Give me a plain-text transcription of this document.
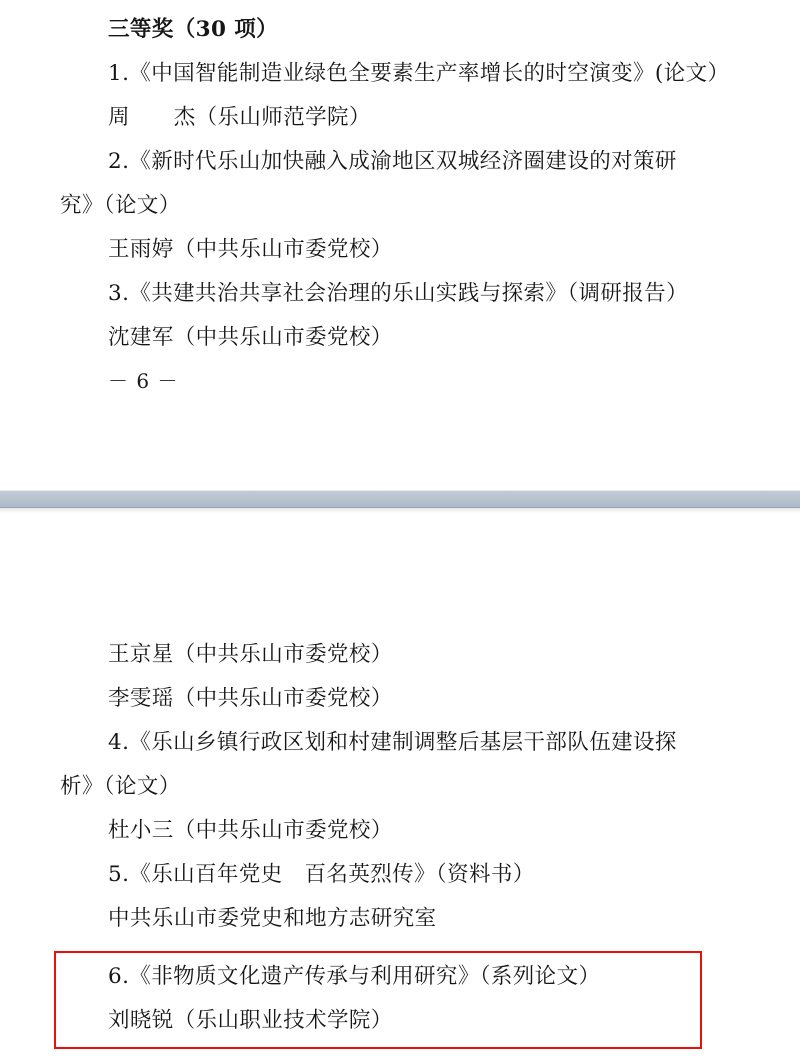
三等奖（30 项）
1.《中国智能制造业绿色全要素生产率增长的时空演变》(论文）
周　　杰（乐山师范学院）
2.《新时代乐山加快融入成渝地区双城经济圈建设的对策研
究》（论文）
王雨婷（中共乐山市委党校）
3.《共建共治共享社会治理的乐山实践与探索》（调研报告）
沈建军（中共乐山市委党校）
－ 6 －
王京星（中共乐山市委党校）
李雯瑶（中共乐山市委党校）
4.《乐山乡镇行政区划和村建制调整后基层干部队伍建设探
析》（论文）
杜小三（中共乐山市委党校）
5.《乐山百年党史　百名英烈传》（资料书）
中共乐山市委党史和地方志研究室
6.《非物质文化遗产传承与利用研究》（系列论文）
刘晓锐（乐山职业技术学院）
